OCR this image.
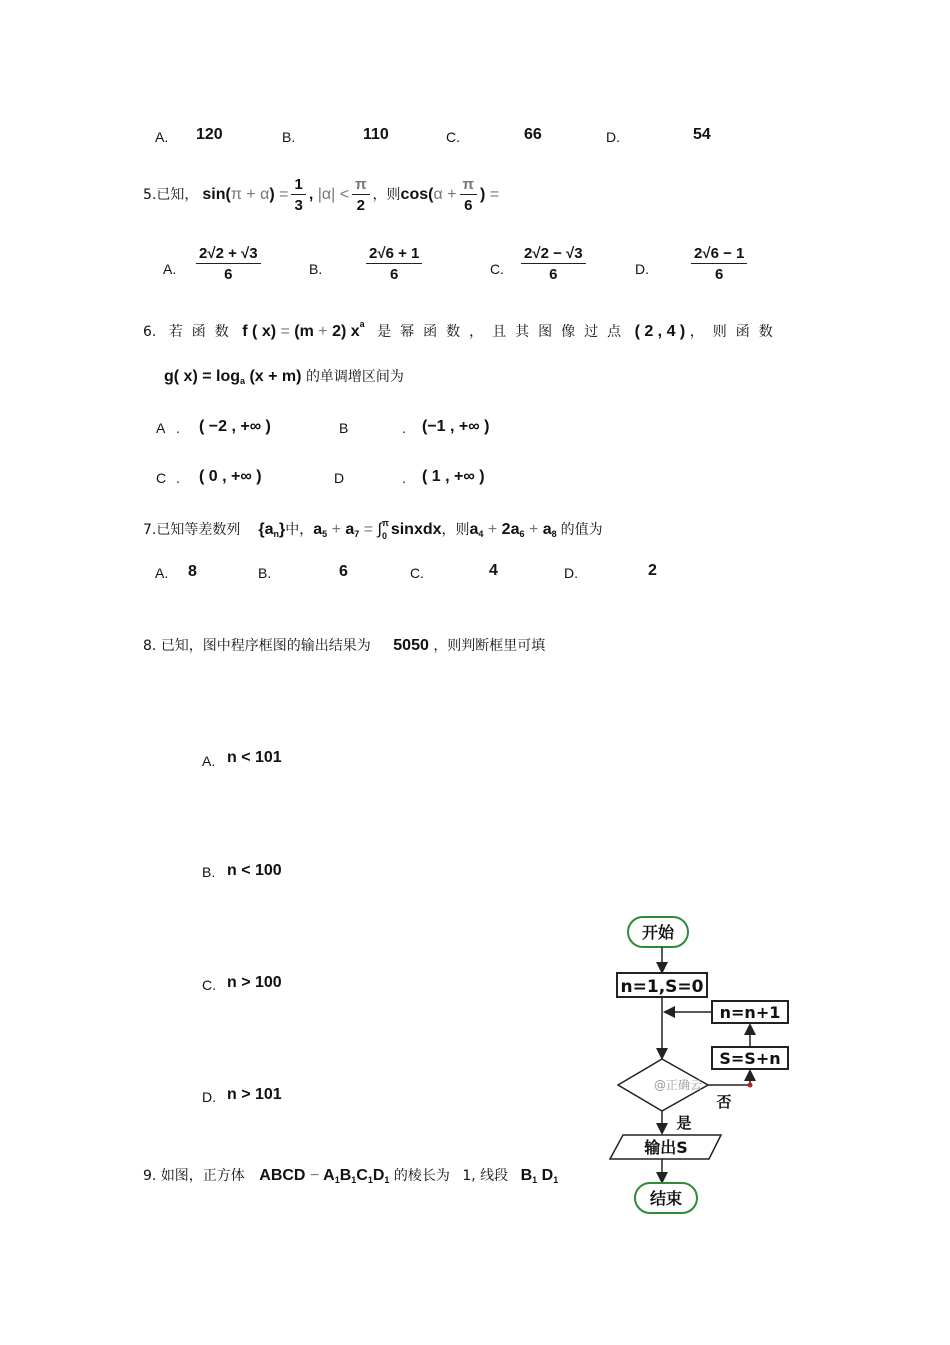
A. 120	B.	110	C.	66	D.	54
5. 已知， $\sin(\pi + \alpha) = \frac{1}{3}$ , $|\alpha| < \frac{\pi}{2}$ ，则 $\cos(\alpha + \frac{\pi}{6}$ ) =
A. $\frac{2√2 + √3}{6}$	B.	$\frac{2√6 + 1}{6}$	C. $\frac{2√2 - √3}{6}$	D.	$\frac{2√6 - 1}{6}$
6. 若函数 f ( x) = (m + 2) $x^a$ 是幂函数，且其图像过点 ( 2 , 4 ) ，则函数
g( $x) = \log_a (x + m)$ 的单调增区间为
A . ( −2 , +∞ )	B	. (−1 , +∞ )
C . ( 0 , +∞ )	D	. ( 1 , +∞ )
7. 已知等差数列 $\{a_n\}$ 中， $a_5 + a_7$ = ∫ π
0 sinxdx ，则 $a_4 + 2a_6 + a_8$ 的值为
A. 8	B.	6	C.	4	D.	2
8. 已知，图中程序框图的输出结果为 5050 ，则判断框里可填
A. n < 101
B. n < 100
C. n > 100
D. n > 101
9. 如图，正方体 ABCD − $A_1B_1C_1D_1$ 的棱长为 1, 线段 $B_1$ $D_1$
开始
n=1,S=0
n=n+1
S=S+n
@正确云
否
是
输出S
结束
